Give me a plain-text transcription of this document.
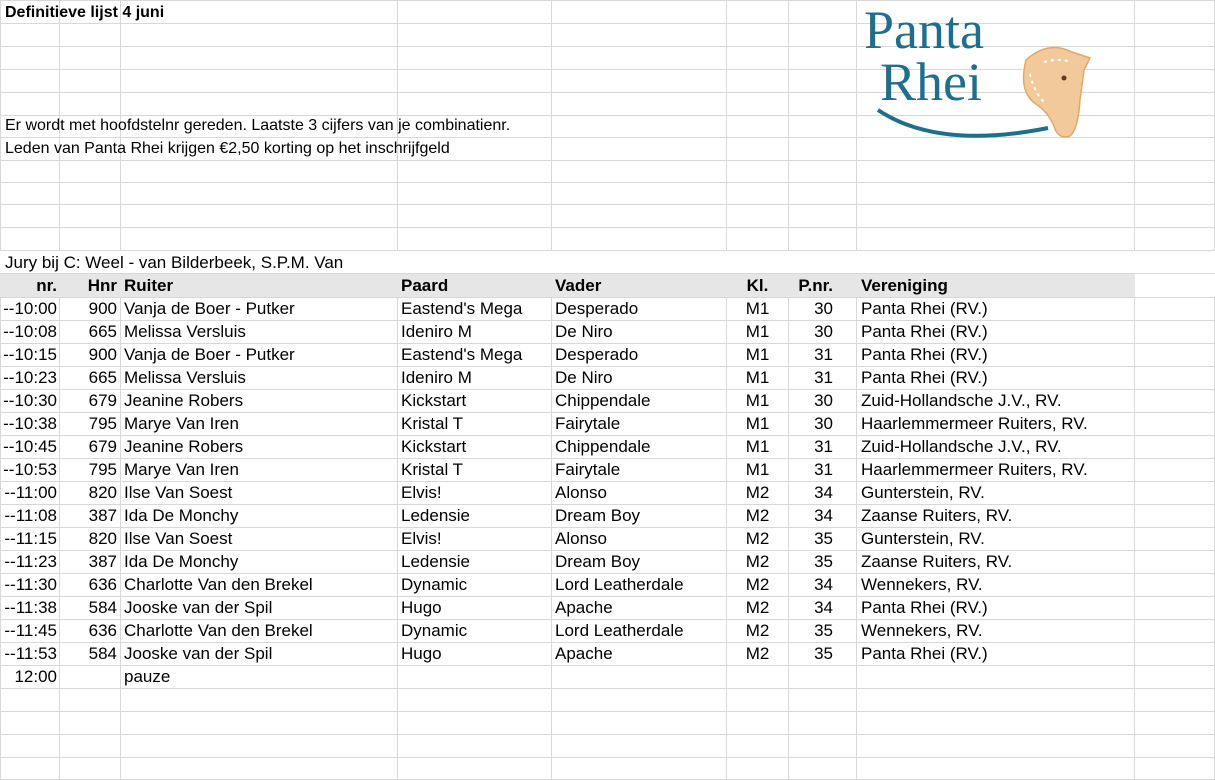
Definitieve lijst 4 juni
Er wordt met hoofdstelnr gereden. Laatste 3 cijfers van je combinatienr.
Leden van Panta Rhei krijgen €2,50 korting op het inschrijfgeld
Jury bij C: Weel - van Bilderbeek, S.P.M. Van
Panta
Rhei
nr.	Hnr Ruiter	Paard	Vader	Kl.	P.nr. Vereniging
--10:00	900 Vanja de Boer - Putker	Eastend's Mega	Desperado	M1	30 Panta Rhei (RV.)
--10:08	665 Melissa Versluis	Ideniro M	De Niro	M1	30 Panta Rhei (RV.)
--10:15	900 Vanja de Boer - Putker	Eastend's Mega	Desperado	M1	31 Panta Rhei (RV.)
--10:23	665 Melissa Versluis	Ideniro M	De Niro	M1	31 Panta Rhei (RV.)
--10:30	679 Jeanine Robers	Kickstart	Chippendale	M1	30 Zuid-Hollandsche J.V., RV.
--10:38	795 Marye Van Iren	Kristal T	Fairytale	M1	30 Haarlemmermeer Ruiters, RV.
--10:45	679 Jeanine Robers	Kickstart	Chippendale	M1	31 Zuid-Hollandsche J.V., RV.
--10:53	795 Marye Van Iren	Kristal T	Fairytale	M1	31 Haarlemmermeer Ruiters, RV.
--11:00	820 Ilse Van Soest	Elvis!	Alonso	M2	34 Gunterstein, RV.
--11:08	387 Ida De Monchy	Ledensie	Dream Boy	M2	34 Zaanse Ruiters, RV.
--11:15	820 Ilse Van Soest	Elvis!	Alonso	M2	35 Gunterstein, RV.
--11:23	387 Ida De Monchy	Ledensie	Dream Boy	M2	35 Zaanse Ruiters, RV.
--11:30	636 Charlotte Van den Brekel	Dynamic	Lord Leatherdale	M2	34 Wennekers, RV.
--11:38	584 Jooske van der Spil	Hugo	Apache	M2	34 Panta Rhei (RV.)
--11:45	636 Charlotte Van den Brekel	Dynamic	Lord Leatherdale	M2	35 Wennekers, RV.
--11:53	584 Jooske van der Spil	Hugo	Apache	M2	35 Panta Rhei (RV.)
12:00	pauze
